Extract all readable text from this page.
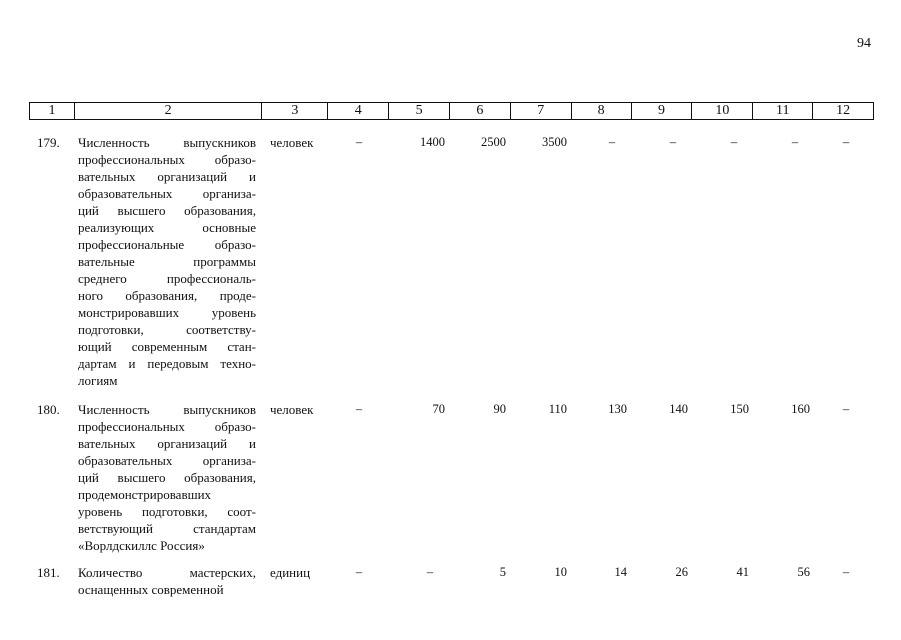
94
1	2	3	4	5	6	7	8	9	10	11	12
179. Численность выпускников
профессиональных образо-
вательных организаций и
образовательных организа-
ций высшего образования,
реализующих основные
профессиональные образо-
вательные программы
среднего профессиональ-
ного образования, проде-
монстрировавших уровень
подготовки, соответству-
ющий современным стан-
дартам и передовым техно-
логиям
человек	–	1400	2500	3500	–	–	–	–	–
180. Численность выпускников
профессиональных образо-
вательных организаций и
образовательных организа-
ций высшего образования,
продемонстрировавших
уровень подготовки, соот-
ветствующий стандартам
«Ворлдскиллс Россия»
человек	–	70	90	110	130	140	150	160	–
181. Количество мастерских,
оснащенных современной
единиц	–	–	5	10	14	26	41	56	–
